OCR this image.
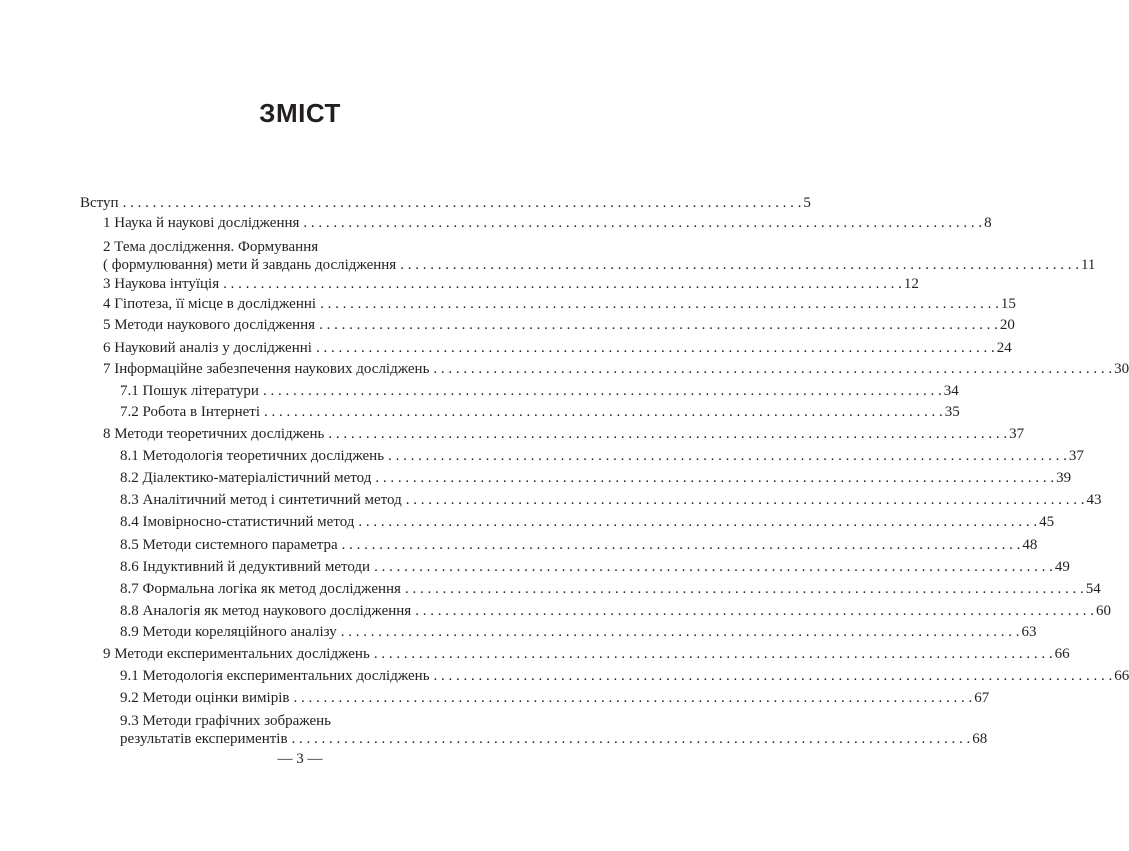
ЗМІСТ
— 3 —
Вступ . . .	5
1 Наука й наукові дослідження . . .	8
2 Тема дослідження. Формування
( формулювання) мети й завдань дослідження . . .	11
3 Наукова інтуїція . . .	12
4 Гіпотеза, її місце в дослідженні . . .	15
5 Методи наукового дослідження . . .	20
6 Науковий аналіз у дослідженні . . .	24
7 Інформаційне забезпечення наукових досліджень . . .	30
7.1 Пошук літератури . . .	34
7.2 Робота в Інтернеті . . .	35
8 Методи теоретичних досліджень . . .	37
8.1 Методологія теоретичних досліджень . . .	37
8.2 Діалектико-матеріалістичний метод . . .	39
8.3 Аналітичний метод і синтетичний метод . . .	43
8.4 Імовірносно-статистичний метод . . .	45
8.5 Методи системного параметра . . .	48
8.6 Індуктивний й дедуктивний методи . . .	49
8.7 Формальна логіка як метод дослідження . . .	54
8.8 Аналогія як метод наукового дослідження . . .	60
8.9 Методи кореляційного аналізу . . .	63
9 Методи експериментальних досліджень . . .	66
9.1 Методологія експериментальних досліджень . . .	66
9.2 Методи оцінки вимірів . . .	67
9.3 Методи графічних зображень
результатів експериментів . . .	68
